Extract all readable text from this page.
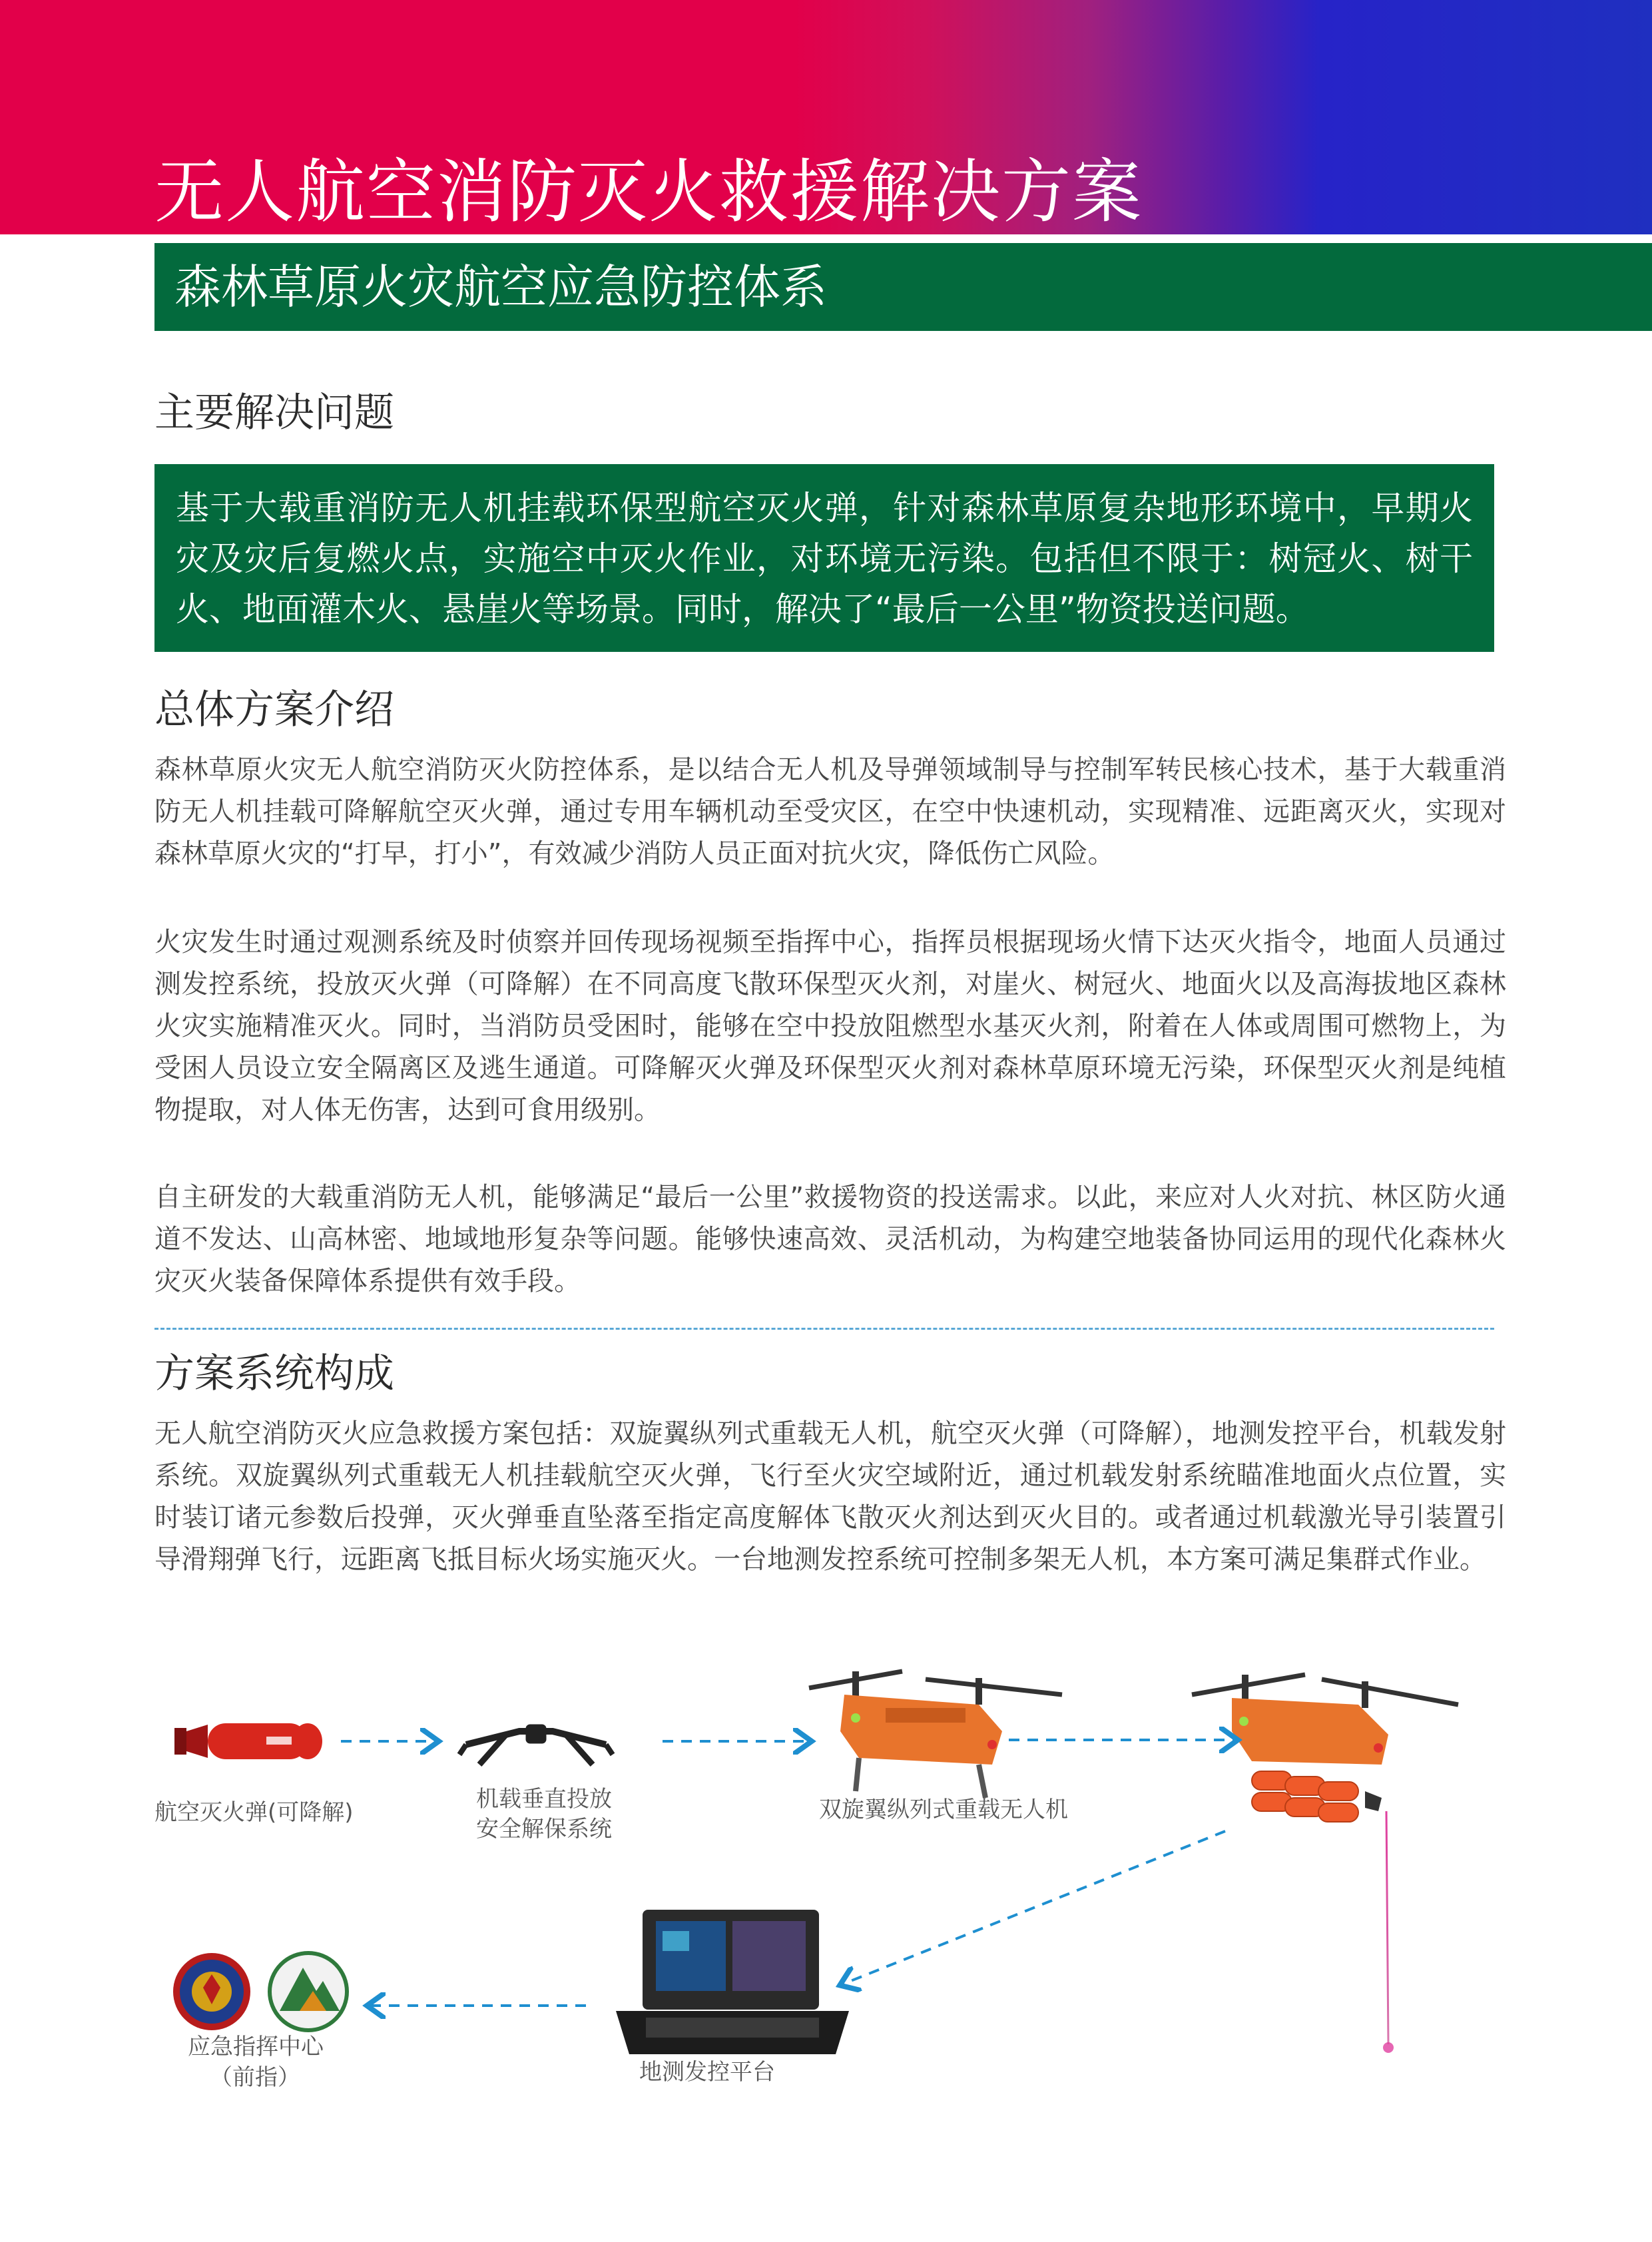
无人航空消防灭火救援解决方案
森林草原火灾航空应急防控体系
主要解决问题
基于大载重消防无人机挂载环保型航空灭火弹，针对森林草原复杂地形环境中，早期火灾及灾后复燃火点，实施空中灭火作业，对环境无污染。包括但不限于：树冠火、树干火、地面灌木火、悬崖火等场景。同时，解决了“最后一公里”物资投送问题。
总体方案介绍
森林草原火灾无人航空消防灭火防控体系，是以结合无人机及导弹领域制导与控制军转民核心技术，基于大载重消防无人机挂载可降解航空灭火弹，通过专用车辆机动至受灾区，在空中快速机动，实现精准、远距离灭火，实现对森林草原火灾的“打早，打小”，有效减少消防人员正面对抗火灾，降低伤亡风险。
火灾发生时通过观测系统及时侦察并回传现场视频至指挥中心，指挥员根据现场火情下达灭火指令，地面人员通过测发控系统，投放灭火弹（可降解）在不同高度飞散环保型灭火剂，对崖火、树冠火、地面火以及高海拔地区森林火灾实施精准灭火。同时，当消防员受困时，能够在空中投放阻燃型水基灭火剂，附着在人体或周围可燃物上，为受困人员设立安全隔离区及逃生通道。可降解灭火弹及环保型灭火剂对森林草原环境无污染，环保型灭火剂是纯植物提取，对人体无伤害，达到可食用级别。
自主研发的大载重消防无人机，能够满足“最后一公里”救援物资的投送需求。以此，来应对人火对抗、林区防火通道不发达、山高林密、地域地形复杂等问题。能够快速高效、灵活机动，为构建空地装备协同运用的现代化森林火灾灭火装备保障体系提供有效手段。
方案系统构成
无人航空消防灭火应急救援方案包括：双旋翼纵列式重载无人机，航空灭火弹（可降解），地测发控平台，机载发射系统。双旋翼纵列式重载无人机挂载航空灭火弹，飞行至火灾空域附近，通过机载发射系统瞄准地面火点位置，实时装订诸元参数后投弹，灭火弹垂直坠落至指定高度解体飞散灭火剂达到灭火目的。或者通过机载激光导引装置引导滑翔弹飞行，远距离飞抵目标火场实施灭火。一台地测发控系统可控制多架无人机，本方案可满足集群式作业。
航空灭火弹(可降解)	机载垂直投放
安全解保系统
双旋翼纵列式重载无人机
地测发控平台
应急指挥中心
（前指）
